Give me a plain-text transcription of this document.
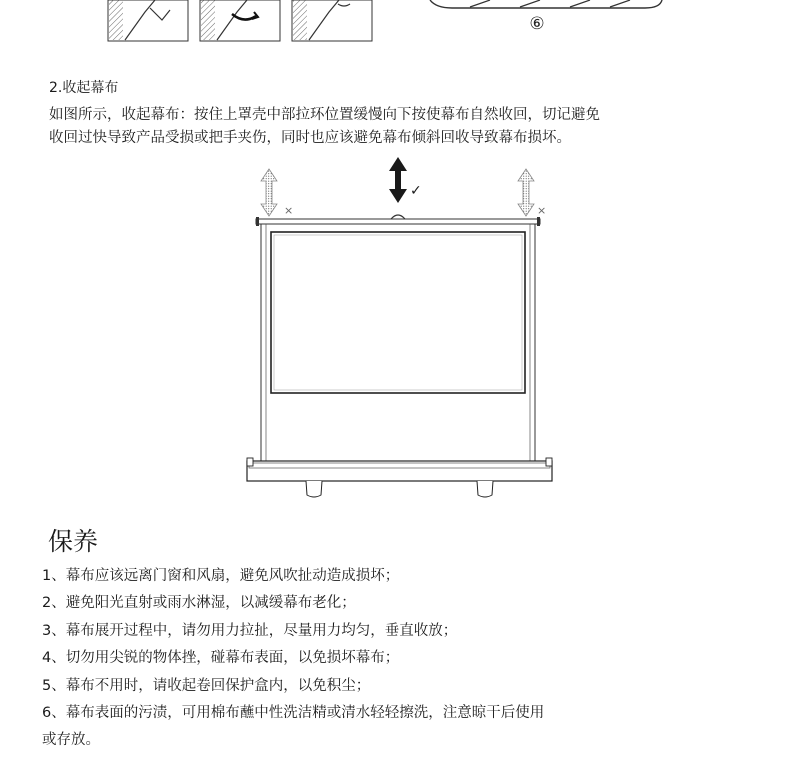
⑥
2.收起幕布
如图所示，收起幕布：按住上罩壳中部拉环位置缓慢向下按使幕布自然收回，切记避免
收回过快导致产品受损或把手夹伤，同时也应该避免幕布倾斜回收导致幕布损坏。
×	×
✓
保养
1、幕布应该远离门窗和风扇，避免风吹扯动造成损坏；
2、避免阳光直射或雨水淋湿，以减缓幕布老化；
3、幕布展开过程中，请勿用力拉扯，尽量用力均匀，垂直收放；
4、切勿用尖锐的物体挫，碰幕布表面，以免损坏幕布；
5、幕布不用时，请收起卷回保护盒内，以免积尘；
6、幕布表面的污渍，可用棉布蘸中性洗洁精或清水轻轻擦洗，注意晾干后使用
或存放。
